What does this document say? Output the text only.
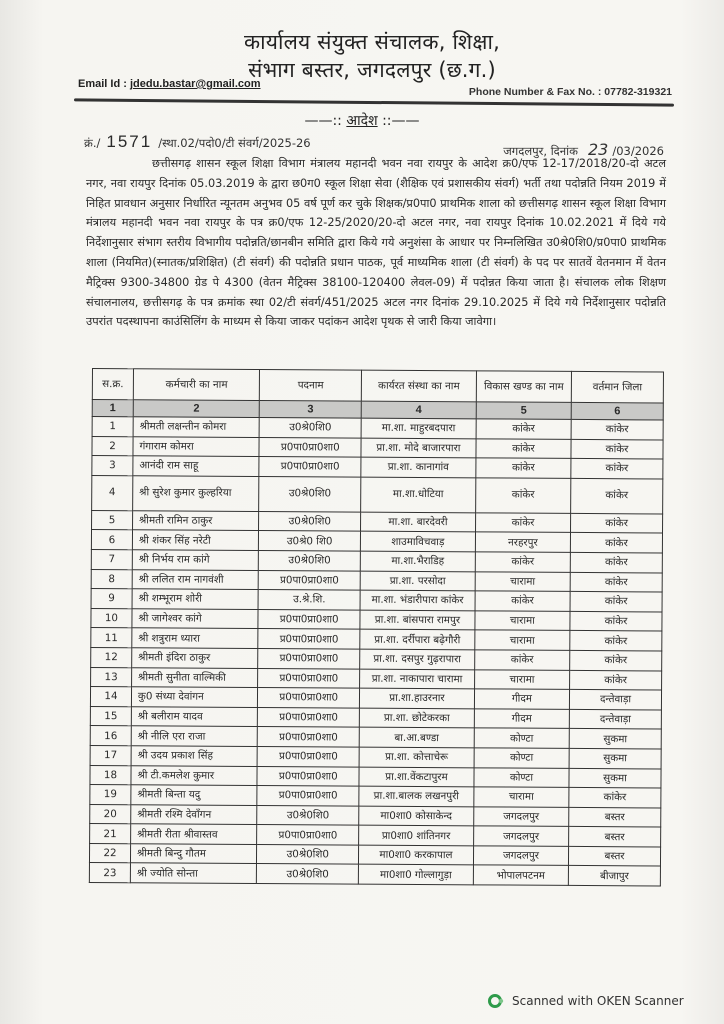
कार्यालय संयुक्त संचालक, शिक्षा,
संभाग बस्तर, जगदलपुर (छ.ग.)
Email Id : jdedu.bastar@gmail.com
Phone Number & Fax No. : 07782-319321
——:: आदेश ::——
क्रं./ 1571 /स्था.02/पदो0/टी संवर्ग/2025-26
जगदलपुर, दिनांक 23 /03/2026
छत्तीसगढ़ शासन स्कूल शिक्षा विभाग मंत्रालय महानदी भवन नवा रायपुर के आदेश क्र0/एफ 12-17/2018/20-दो अटल नगर, नवा रायपुर दिनांक 05.03.2019 के द्वारा छ0ग0 स्कूल शिक्षा सेवा (शैक्षिक एवं प्रशासकीय संवर्ग) भर्ती तथा पदोन्नति नियम 2019 में निहित प्रावधान अनुसार निर्धारित न्यूनतम अनुभव 05 वर्ष पूर्ण कर चुके शिक्षक/प्र0पा0 प्राथमिक शाला को छत्तीसगढ़ शासन स्कूल शिक्षा विभाग मंत्रालय महानदी भवन नवा रायपुर के पत्र क्र0/एफ 12-25/2020/20-दो अटल नगर, नवा रायपुर दिनांक 10.02.2021 में दिये गये निर्देशानुसार संभाग स्तरीय विभागीय पदोन्नति/छानबीन समिति द्वारा किये गये अनुशंसा के आधार पर निम्नलिखित उ0श्रे0शि0/प्र0पा0 प्राथमिक शाला (नियमित)(स्नातक/प्रशिक्षित) (टी संवर्ग) की पदोन्नति प्रधान पाठक, पूर्व माध्यमिक शाला (टी संवर्ग) के पद पर सातवें वेतनमान में वेतन मैट्रिक्स 9300-34800 ग्रेड पे 4300 (वेतन मैट्रिक्स 38100-120400 लेवल-09) में पदोन्नत किया जाता है। संचालक लोक शिक्षण संचालनालय, छत्तीसगढ़ के पत्र क्रमांक स्था 02/टी संवर्ग/451/2025 अटल नगर दिनांक 29.10.2025 में दिये गये निर्देशानुसार पदोन्नति उपरांत पदस्थापना काउंसिलिंग के माध्यम से किया जाकर पदांकन आदेश पृथक से जारी किया जावेगा।
स.क्र.	कर्मचारी का नाम	पदनाम	कार्यरत संस्था का नाम	विकास खण्ड का नाम	वर्तमान जिला
1	2	3	4	5	6
1	श्रीमती लक्षन्तीन कोमरा	उ0श्रे0शि0	मा.शा. माहुरबदपारा	कांकेर	कांकेर
2	गंगाराम कोमरा	प्र0पा0प्रा0शा0	प्रा.शा. मोदे बाजारपारा	कांकेर	कांकेर
3	आनंदी राम साहू	प्र0पा0प्रा0शा0	प्रा.शा. कानागांव	कांकेर	कांकेर
4	श्री सुरेश कुमार कुल्हरिया	उ0श्रे0शि0	मा.शा.धोटिया	कांकेर	कांकेर
5	श्रीमती रामिन ठाकुर	उ0श्रे0शि0	मा.शा. बारदेवरी	कांकेर	कांकेर
6	श्री शंकर सिंह नरेटी	उ0श्रे0 शि0	शाउमाविचवाड़	नरहरपुर	कांकेर
7	श्री निर्भय राम कांगे	उ0श्रे0शि0	मा.शा.भैराडिह	कांकेर	कांकेर
8	श्री ललित राम नागवंशी	प्र0पा0प्रा0शा0	प्रा.शा. परसोदा	चारामा	कांकेर
9	श्री शम्भूराम शोरी	उ.श्रे.शि.	मा.शा. भंडारीपारा कांकेर	कांकेर	कांकेर
10	श्री जागेश्वर कांगे	प्र0पा0प्रा0शा0	प्रा.शा. बांसपारा रामपुर	चारामा	कांकेर
11	श्री शत्रुराम ध्यारा	प्र0पा0प्रा0शा0	प्रा.शा. दर्रीपारा बढ़ेगौरी	चारामा	कांकेर
12	श्रीमती इंदिरा ठाकुर	प्र0पा0प्रा0शा0	प्रा.शा. दसपुर गुढ़रापारा	कांकेर	कांकेर
13	श्रीमती सुनीता वाल्मिकी	प्र0पा0प्रा0शा0	प्रा.शा. नाकापारा चारामा	चारामा	कांकेर
14	कु0 संध्या देवांगन	प्र0पा0प्रा0शा0	प्रा.शा.हाउरनार	गीदम	दन्तेवाड़ा
15	श्री बलीराम यादव	प्र0पा0प्रा0शा0	प्रा.शा. छोटेकरका	गीदम	दन्तेवाड़ा
16	श्री नीलि एरा राजा	प्र0पा0प्रा0शा0	बा.आ.बण्डा	कोण्टा	सुकमा
17	श्री उदय प्रकाश सिंह	प्र0पा0प्रा0शा0	प्रा.शा. कोत्ताचेरू	कोण्टा	सुकमा
18	श्री टी.कमलेश कुमार	प्र0पा0प्रा0शा0	प्रा.शा.वेंकटापुरम	कोण्टा	सुकमा
19	श्रीमती बिन्ता यदु	प्र0पा0प्रा0शा0	प्रा.शा.बालक लखनपुरी	चारामा	कांकेर
20	श्रीमती रश्मि देवाँगन	उ0श्रे0शि0	मा0शा0 कोसाकेन्द	जगदलपुर	बस्तर
21	श्रीमती रीता श्रीवास्तव	प्र0पा0प्रा0शा0	प्रा0शा0 शांतिनगर	जगदलपुर	बस्तर
22	श्रीमती बिन्दु गौतम	उ0श्रे0शि0	मा0शा0 करकापाल	जगदलपुर	बस्तर
23	श्री ज्योति सोन्ता	उ0श्रे0शि0	मा0शा0 गोल्लागुड़ा	भोपालपटनम	बीजापुर
Scanned with OKEN Scanner
